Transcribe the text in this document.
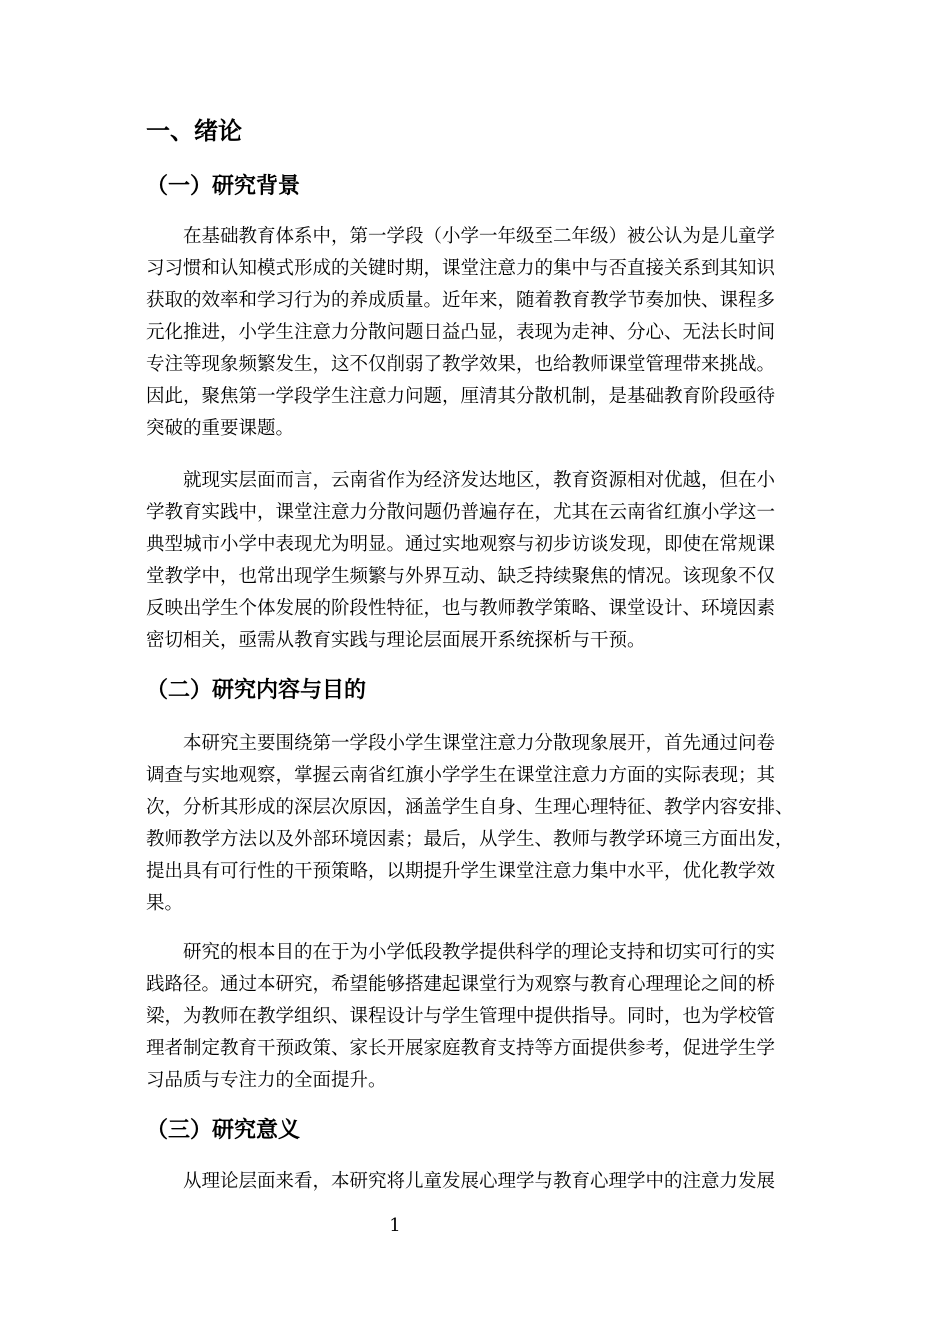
一、绪论
（一）研究背景
在基础教育体系中，第一学段（小学一年级至二年级）被公认为是儿童学
习习惯和认知模式形成的关键时期，课堂注意力的集中与否直接关系到其知识
获取的效率和学习行为的养成质量。近年来，随着教育教学节奏加快、课程多
元化推进，小学生注意力分散问题日益凸显，表现为走神、分心、无法长时间
专注等现象频繁发生，这不仅削弱了教学效果，也给教师课堂管理带来挑战。
因此，聚焦第一学段学生注意力问题，厘清其分散机制，是基础教育阶段亟待
突破的重要课题。
就现实层面而言，云南省作为经济发达地区，教育资源相对优越，但在小
学教育实践中，课堂注意力分散问题仍普遍存在，尤其在云南省红旗小学这一
典型城市小学中表现尤为明显。通过实地观察与初步访谈发现，即使在常规课
堂教学中，也常出现学生频繁与外界互动、缺乏持续聚焦的情况。该现象不仅
反映出学生个体发展的阶段性特征，也与教师教学策略、课堂设计、环境因素
密切相关，亟需从教育实践与理论层面展开系统探析与干预。
（二）研究内容与目的
本研究主要围绕第一学段小学生课堂注意力分散现象展开，首先通过问卷
调查与实地观察，掌握云南省红旗小学学生在课堂注意力方面的实际表现；其
次，分析其形成的深层次原因，涵盖学生自身、生理心理特征、教学内容安排、
教师教学方法以及外部环境因素；最后，从学生、教师与教学环境三方面出发，
提出具有可行性的干预策略，以期提升学生课堂注意力集中水平，优化教学效
果。
研究的根本目的在于为小学低段教学提供科学的理论支持和切实可行的实
践路径。通过本研究，希望能够搭建起课堂行为观察与教育心理理论之间的桥
梁，为教师在教学组织、课程设计与学生管理中提供指导。同时，也为学校管
理者制定教育干预政策、家长开展家庭教育支持等方面提供参考，促进学生学
习品质与专注力的全面提升。
（三）研究意义
从理论层面来看，本研究将儿童发展心理学与教育心理学中的注意力发展
1
